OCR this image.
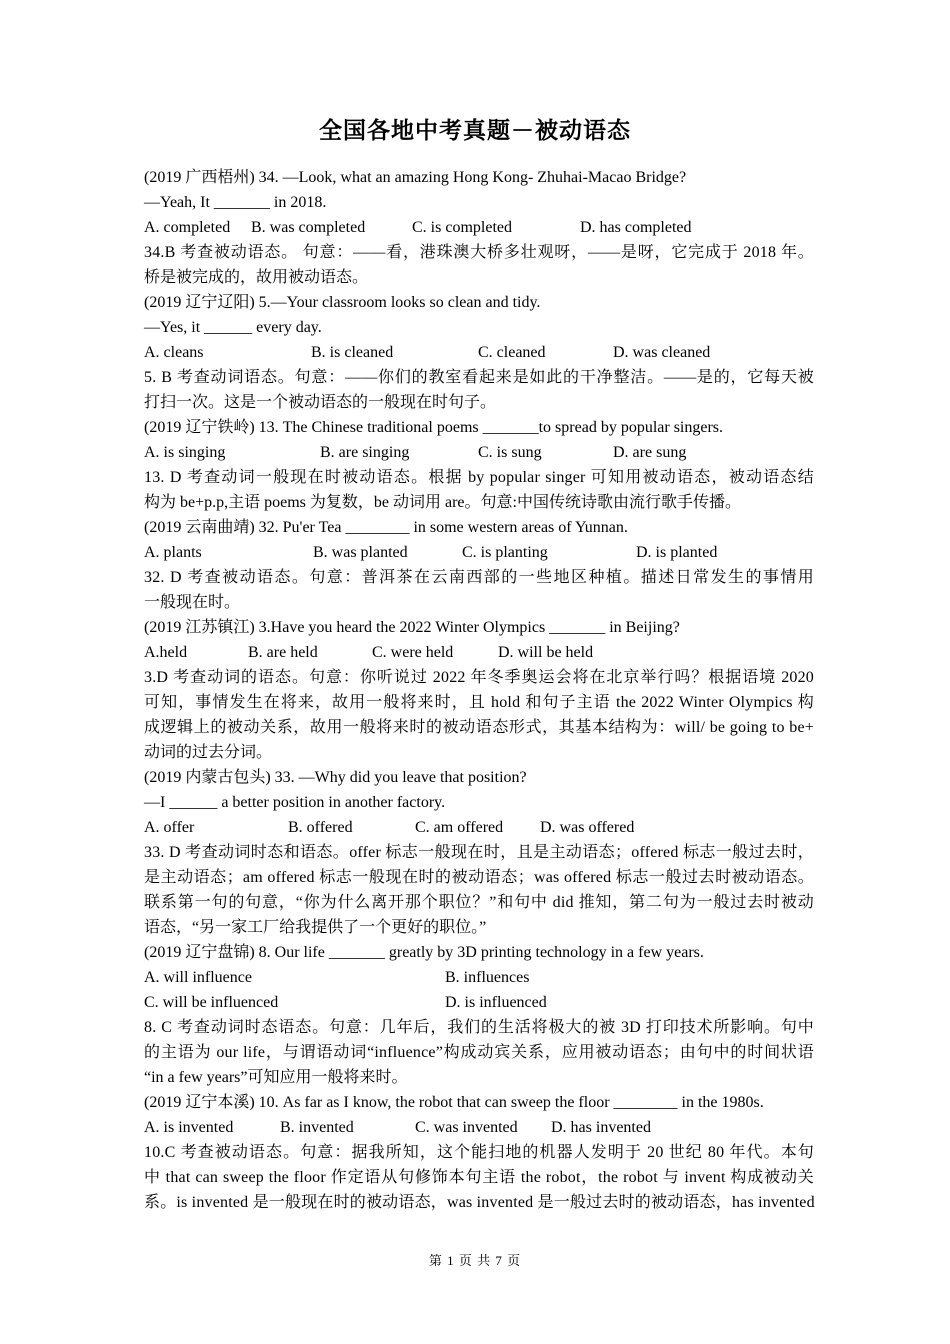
全国各地中考真题－被动语态
(2019 广西梧州) 34. —Look, what an amazing Hong Kong- Zhuhai-Macao Bridge?
—Yeah, It _______ in 2018.
A. completed B. was completed	C. is completed	D. has completed
34.B 考查被动语态。 句意：——看，港珠澳大桥多壮观呀，——是呀，它完成于 2018 年。
桥是被完成的，故用被动语态。
(2019 辽宁辽阳) 5.—Your classroom looks so clean and tidy.
—Yes, it ______ every day.
A. cleans	B. is cleaned	C. cleaned	D. was cleaned
5. B 考查动词语态。句意：——你们的教室看起来是如此的干净整洁。——是的，它每天被
打扫一次。这是一个被动语态的一般现在时句子。
(2019 辽宁铁岭) 13. The Chinese traditional poems _______to spread by popular singers.
A. is singing	B. are singing	C. is sung	D. are sung
13. D 考查动词一般现在时被动语态。根据 by popular singer 可知用被动语态，被动语态结
构为 be+p.p,主语 poems 为复数，be 动词用 are。句意:中国传统诗歌由流行歌手传播。
(2019 云南曲靖) 32. Pu'er Tea ________ in some western areas of Yunnan.
A. plants	B. was planted	C. is planting	D. is planted
32. D 考查被动语态。句意：普洱茶在云南西部的一些地区种植。描述日常发生的事情用
一般现在时。
(2019 江苏镇江) 3.Have you heard the 2022 Winter Olympics _______ in Beijing?
A.held	B. are held	C. were held	D. will be held
3.D 考查动词的语态。句意：你听说过 2022 年冬季奥运会将在北京举行吗？根据语境 2020
可知，事情发生在将来，故用一般将来时，且 hold 和句子主语 the 2022 Winter Olympics 构
成逻辑上的被动关系，故用一般将来时的被动语态形式，其基本结构为：will/ be going to be+
动词的过去分词。
(2019 内蒙古包头) 33. —Why did you leave that position?
—I ______ a better position in another factory.
A. offer	B. offered	C. am offered D. was offered
33. D 考查动词时态和语态。offer 标志一般现在时，且是主动语态；offered 标志一般过去时，
是主动语态；am offered 标志一般现在时的被动语态；was offered 标志一般过去时被动语态。
联系第一句的句意，“你为什么离开那个职位？”和句中 did 推知，第二句为一般过去时被动
语态，“另一家工厂给我提供了一个更好的职位。”
(2019 辽宁盘锦) 8. Our life _______ greatly by 3D printing technology in a few years.
A. will influence	B. influences
C. will be influenced	D. is influenced
8. C 考查动词时态语态。句意：几年后，我们的生活将极大的被 3D 打印技术所影响。句中
的主语为 our life，与谓语动词“influence”构成动宾关系，应用被动语态；由句中的时间状语
“in a few years”可知应用一般将来时。
(2019 辽宁本溪) 10. As far as I know, the robot that can sweep the floor ________ in the 1980s.
A. is invented	B. invented	C. was invented D. has invented
10.C 考查被动语态。句意：据我所知，这个能扫地的机器人发明于 20 世纪 80 年代。本句
中 that can sweep the floor 作定语从句修饰本句主语 the robot，the robot 与 invent 构成被动关
系。is invented 是一般现在时的被动语态，was invented 是一般过去时的被动语态，has invented
第 1 页 共 7 页
